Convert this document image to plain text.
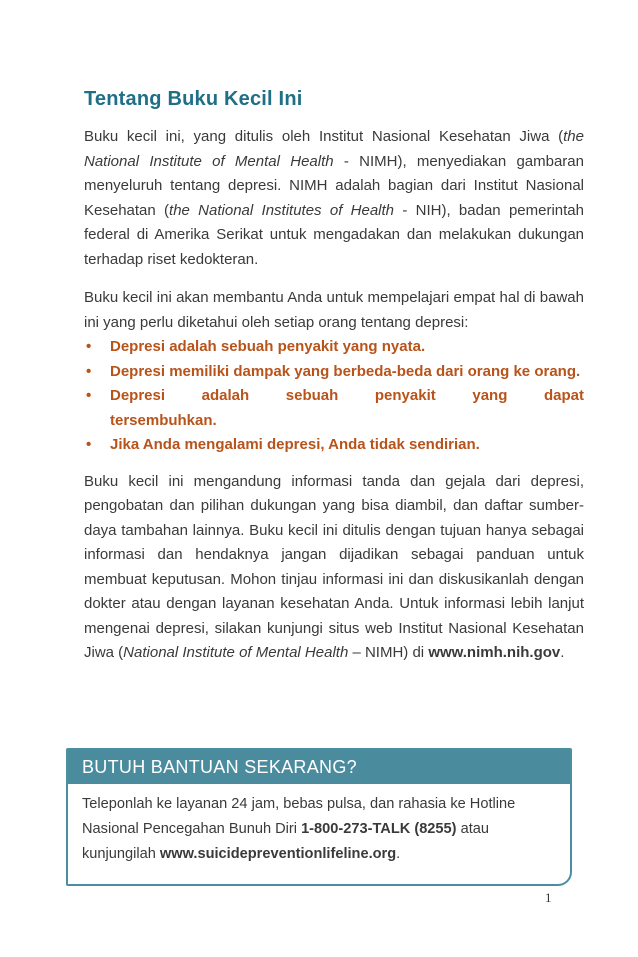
Tentang Buku Kecil Ini

Buku kecil ini, yang ditulis oleh Institut Nasional Kesehatan Jiwa (the National Institute of Mental Health - NIMH), menyediakan gambaran menyeluruh tentang depresi. NIMH adalah bagian dari Institut Nasional Kesehatan (the National Institutes of Health - NIH), badan pemerintah federal di Amerika Serikat untuk mengadakan dan melakukan dukungan terhadap riset kedokteran.

Buku kecil ini akan membantu Anda untuk mempelajari empat hal di bawah ini yang perlu diketahui oleh setiap orang tentang depresi:

• Depresi adalah sebuah penyakit yang nyata.
• Depresi memiliki dampak yang berbeda-beda dari orang ke orang.
• Depresi adalah sebuah penyakit yang dapat tersembuhkan.
• Jika Anda mengalami depresi, Anda tidak sendirian.

Buku kecil ini mengandung informasi tanda dan gejala dari depresi, pengobatan dan pilihan dukungan yang bisa diambil, dan daftar sumber-daya tambahan lainnya. Buku kecil ini ditulis dengan tujuan hanya sebagai informasi dan hendaknya jangan dijadikan sebagai panduan untuk membuat keputusan. Mohon tinjau informasi ini dan diskusikanlah dengan dokter atau dengan layanan kesehatan Anda. Untuk informasi lebih lanjut mengenai depresi, silakan kunjungi situs web Institut Nasional Kesehatan Jiwa (National Institute of Mental Health – NIMH) di www.nimh.nih.gov.

BUTUH BANTUAN SEKARANG?
Teleponlah ke layanan 24 jam, bebas pulsa, dan rahasia ke Hotline Nasional Pencegahan Bunuh Diri 1-800-273-TALK (8255) atau kunjungilah www.suicidepreventionlifeline.org.
1
